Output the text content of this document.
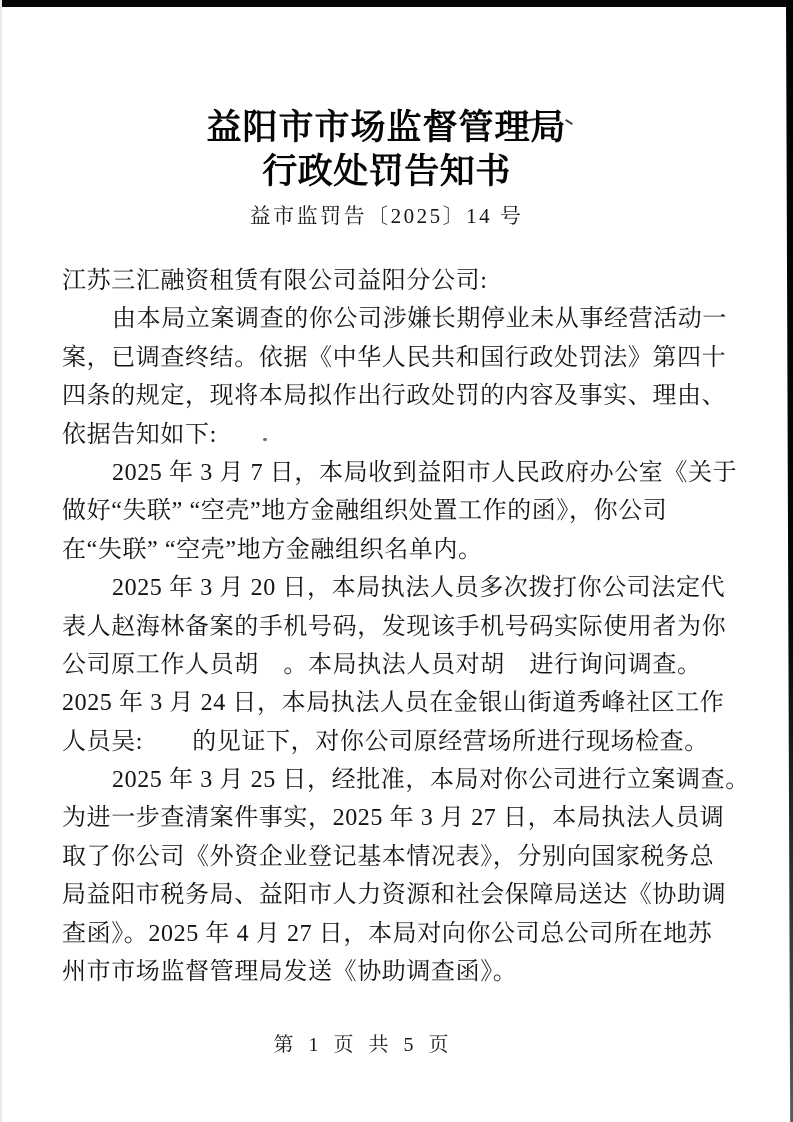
益阳市市场监督管理局
行政处罚告知书
益市监罚告〔2025〕14 号
江苏三汇融资租赁有限公司益阳分公司:
由本局立案调查的你公司涉嫌长期停业未从事经营活动一
案，已调查终结。依据《中华人民共和国行政处罚法》第四十
四条的规定，现将本局拟作出行政处罚的内容及事实、理由、
依据告知如下:
2025 年 3 月 7 日，本局收到益阳市人民政府办公室《关于
做好“失联” “空壳”地方金融组织处置工作的函》，你公司
在“失联” “空壳”地方金融组织名单内。
2025 年 3 月 20 日，本局执法人员多次拨打你公司法定代
表人赵海林备案的手机号码，发现该手机号码实际使用者为你
公司原工作人员胡　。本局执法人员对胡　进行询问调查。
2025 年 3 月 24 日，本局执法人员在金银山街道秀峰社区工作
人员吴:　　的见证下，对你公司原经营场所进行现场检查。
2025 年 3 月 25 日，经批准，本局对你公司进行立案调查。
为进一步查清案件事实，2025 年 3 月 27 日，本局执法人员调
取了你公司《外资企业登记基本情况表》，分别向国家税务总
局益阳市税务局、益阳市人力资源和社会保障局送达《协助调
查函》。2025 年 4 月 27 日，本局对向你公司总公司所在地苏
州市市场监督管理局发送《协助调查函》。
第 1 页 共 5 页
